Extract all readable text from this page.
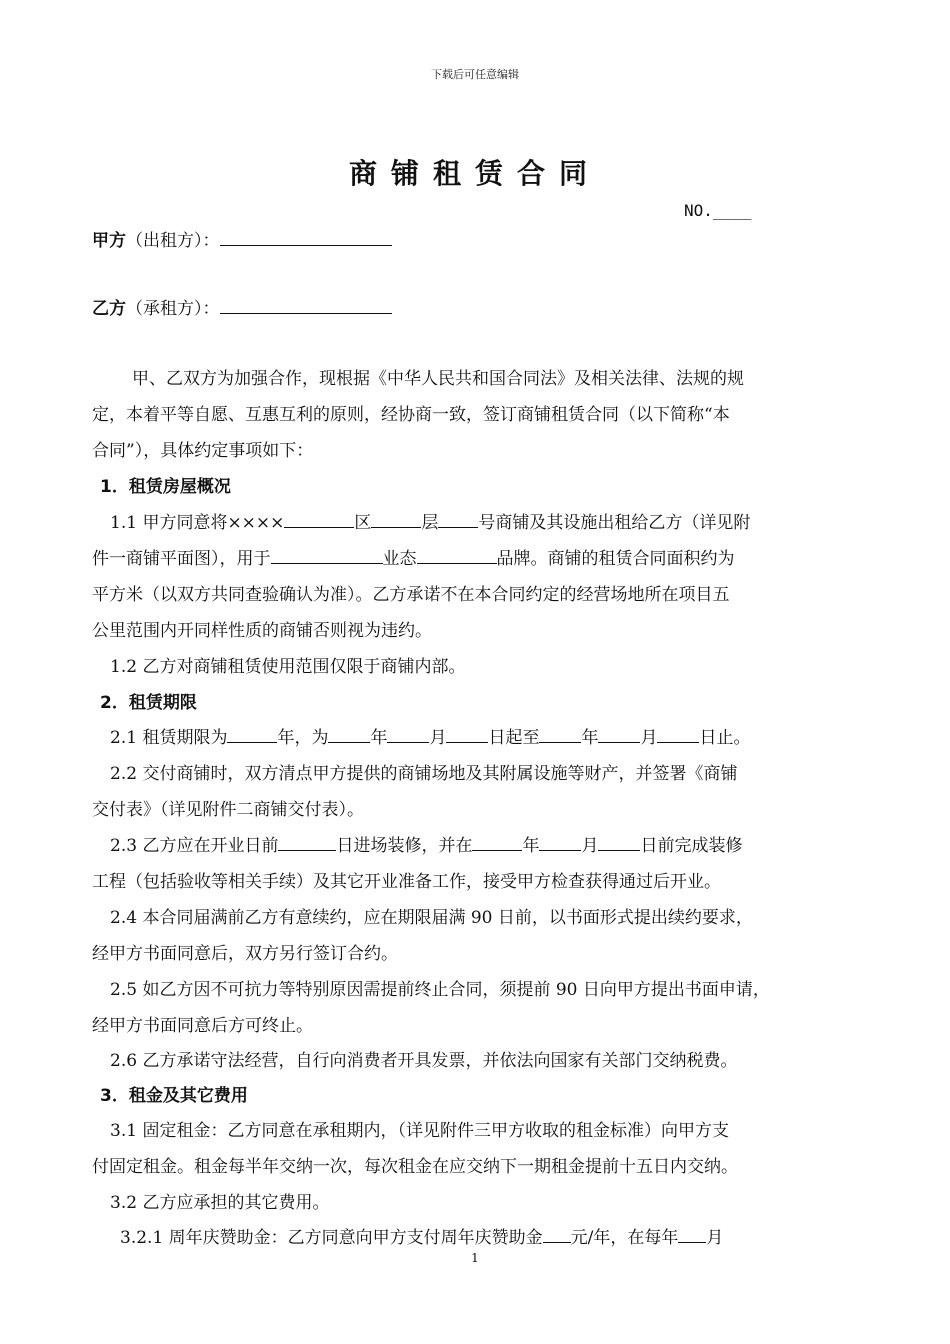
下载后可任意编辑
商铺租赁合同
NO.____
甲方（出租方）：
乙方（承租方）：
甲、乙双方为加强合作，现根据《中华人民共和国合同法》及相关法律、法规的规
定，本着平等自愿、互惠互利的原则，经协商一致，签订商铺租赁合同（以下简称“本
合同”），具体约定事项如下：
1．租赁房屋概况
1.1 甲方同意将××××	区	层 号商铺及其设施出租给乙方（详见附
件一商铺平面图），用于	业态	品牌。商铺的租赁合同面积约为
平方米（以双方共同查验确认为准）。乙方承诺不在本合同约定的经营场地所在项目五
公里范围内开同样性质的商铺否则视为违约。
1.2 乙方对商铺租赁使用范围仅限于商铺内部。
2．租赁期限
2.1 租赁期限为	年，为 年 月 日起至 年 月 日止。
2.2 交付商铺时，双方清点甲方提供的商铺场地及其附属设施等财产，并签署《商铺
交付表》（详见附件二商铺交付表）。
2.3 乙方应在开业日前	日进场装修，并在	年 月 日前完成装修
工程（包括验收等相关手续）及其它开业准备工作，接受甲方检查获得通过后开业。
2.4 本合同届满前乙方有意续约，应在期限届满 90 日前，以书面形式提出续约要求，
经甲方书面同意后，双方另行签订合约。
2.5 如乙方因不可抗力等特别原因需提前终止合同，须提前 90 日向甲方提出书面申请，
经甲方书面同意后方可终止。
2.6 乙方承诺守法经营，自行向消费者开具发票，并依法向国家有关部门交纳税费。
3．租金及其它费用
3.1 固定租金：乙方同意在承租期内，（详见附件三甲方收取的租金标准）向甲方支
付固定租金。租金每半年交纳一次，每次租金在应交纳下一期租金提前十五日内交纳。
3.2 乙方应承担的其它费用。
3.2.1 周年庆赞助金：乙方同意向甲方支付周年庆赞助金 元/年，在每年 月
1
